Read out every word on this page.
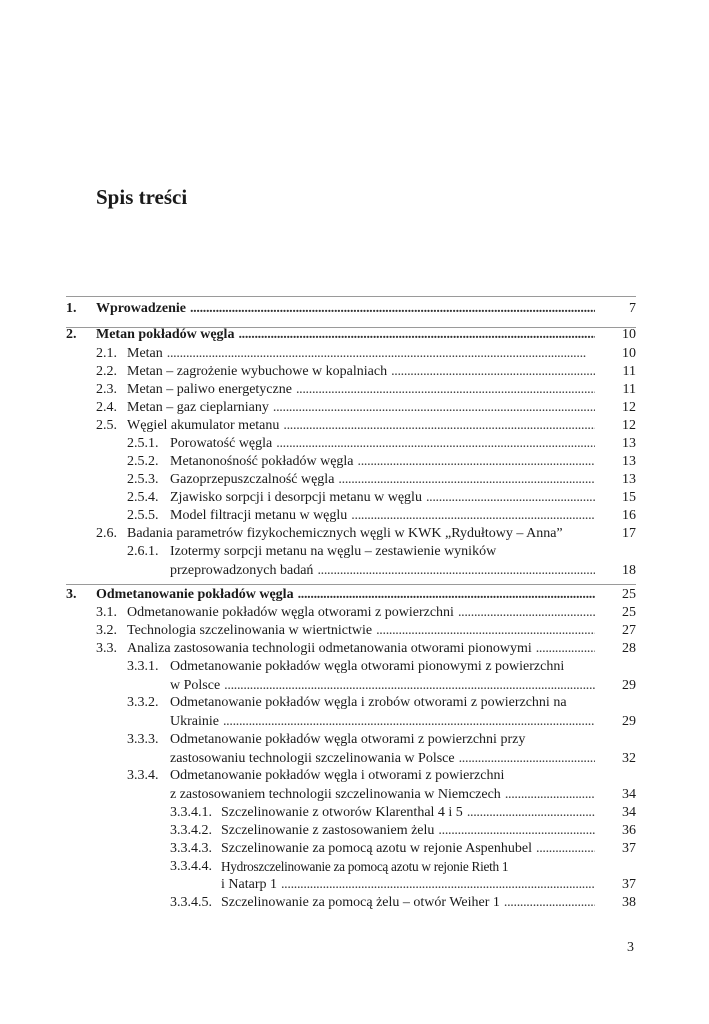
Spis treści
1. Wprowadzenie . . .	7
2. Metan pokładów węgla . . .	10
2.1. Metan . . .	10
2.2. Metan – zagrożenie wybuchowe w kopalniach . . .	11
2.3. Metan – paliwo energetyczne . . .	11
2.4. Metan – gaz cieplarniany . . .	12
2.5. Węgiel akumulator metanu . . .	12
2.5.1. Porowatość węgla . . .	13
2.5.2. Metanonośność pokładów węgla . . .	13
2.5.3. Gazoprzepuszczalność węgla . . .	13
2.5.4. Zjawisko sorpcji i desorpcji metanu w węglu . . .	15
2.5.5. Model filtracji metanu w węglu . . .	16
2.6. Badania parametrów fizykochemicznych węgli w KWK „Rydułtowy – Anna”	17
2.6.1. Izotermy sorpcji metanu na węglu – zestawienie wyników
przeprowadzonych badań . . .	18
3. Odmetanowanie pokładów węgla . . .	25
3.1. Odmetanowanie pokładów węgla otworami z powierzchni . . .	25
3.2. Technologia szczelinowania w wiertnictwie . . .	27
3.3. Analiza zastosowania technologii odmetanowania otworami pionowymi . . .	28
3.3.1. Odmetanowanie pokładów węgla otworami pionowymi z powierzchni
w Polsce . . .	29
3.3.2. Odmetanowanie pokładów węgla i zrobów otworami z powierzchni na
Ukrainie . . .	29
3.3.3. Odmetanowanie pokładów węgla otworami z powierzchni przy
zastosowaniu technologii szczelinowania w Polsce . . .	32
3.3.4. Odmetanowanie pokładów węgla i otworami z powierzchni
z zastosowaniem technologii szczelinowania w Niemczech . . .	34
3.3.4.1. Szczelinowanie z otworów Klarenthal 4 i 5 . . .	34
3.3.4.2. Szczelinowanie z zastosowaniem żelu . . .	36
3.3.4.3. Szczelinowanie za pomocą azotu w rejonie Aspenhubel . . .	37
3.3.4.4. Hydroszczelinowanie za pomocą azotu w rejonie Rieth 1
i Natarp 1 . . .	37
3.3.4.5. Szczelinowanie za pomocą żelu – otwór Weiher 1 . . .	38
3
